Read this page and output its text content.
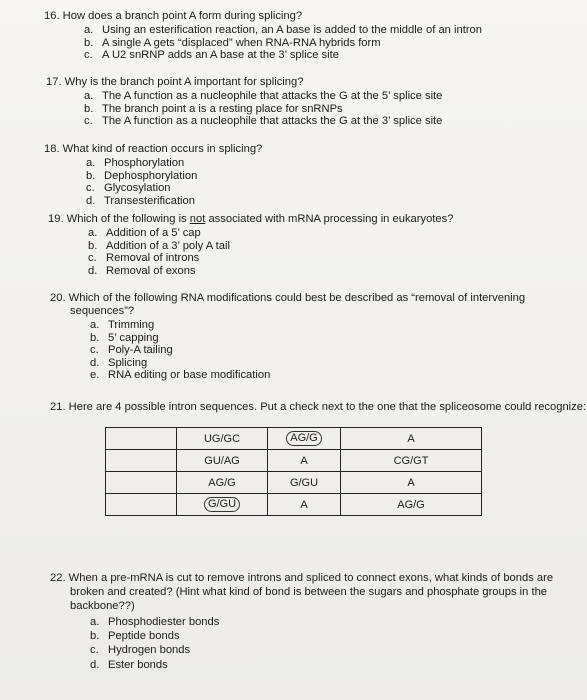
16. How does a branch point A form during splicing?
a. Using an esterification reaction, an A base is added to the middle of an intron
b. A single A gets “displaced” when RNA-RNA hybrids form
c. A U2 snRNP adds an A base at the 3’ splice site
17. Why is the branch point A important for splicing?
a. The A function as a nucleophile that attacks the G at the 5’ splice site
b. The branch point a is a resting place for snRNPs
c. The A function as a nucleophile that attacks the G at the 3’ splice site
18. What kind of reaction occurs in splicing?
a. Phosphorylation
b. Dephosphorylation
c. Glycosylation
d. Transesterification
19. Which of the following is not associated with mRNA processing in eukaryotes?
a. Addition of a 5’ cap
b. Addition of a 3’ poly A tail
c. Removal of introns
d. Removal of exons
20. Which of the following RNA modifications could best be described as “removal of intervening
sequences”?
a. Trimming
b. 5’ capping
c. Poly-A tailing
d. Splicing
e. RNA editing or base modification
21. Here are 4 possible intron sequences. Put a check next to the one that the spliceosome could recognize:
	UG/GC	AG/G	A
	GU/AG	A	CG/GT
	AG/G	G/GU	A
	G/GU	A	AG/G
22. When a pre-mRNA is cut to remove introns and spliced to connect exons, what kinds of bonds are
broken and created? (Hint what kind of bond is between the sugars and phosphate groups in the
backbone??)
a. Phosphodiester bonds
b. Peptide bonds
c. Hydrogen bonds
d. Ester bonds
